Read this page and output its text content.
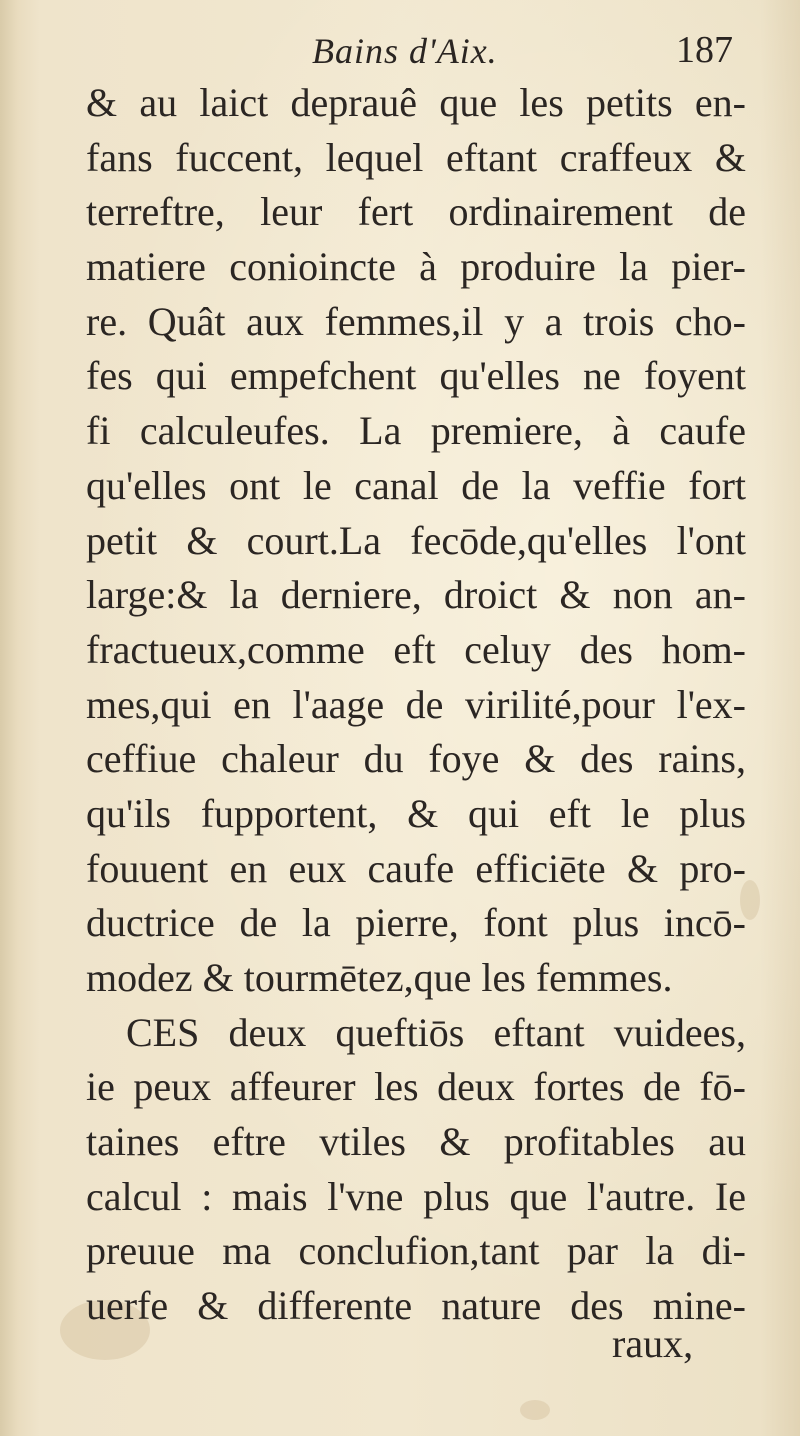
Bains d'Aix.	187
& au laict deprauê que les petits en-
fans fuccent, lequel eftant craffeux &
terreftre, leur fert ordinairement de
matiere conioincte à produire la pier-
re. Quât aux femmes,il y a trois cho-
fes qui empefchent qu'elles ne foyent
fi calculeufes. La premiere, à caufe
qu'elles ont le canal de la veffie fort
petit & court.La fecōde,qu'elles l'ont
large:& la derniere, droict & non an-
fractueux,comme eft celuy des hom-
mes,qui en l'aage de virilité,pour l'ex-
ceffiue chaleur du foye & des rains,
qu'ils fupportent, & qui eft le plus
fouuent en eux caufe efficiēte & pro-
ductrice de la pierre, font plus incō-
modez & tourmētez,que les femmes.
CES deux queftiōs eftant vuidees,
ie peux affeurer les deux fortes de fō-
taines eftre vtiles & profitables au
calcul : mais l'vne plus que l'autre. Ie
preuue ma conclufion,tant par la di-
uerfe & differente nature des mine-
raux,
